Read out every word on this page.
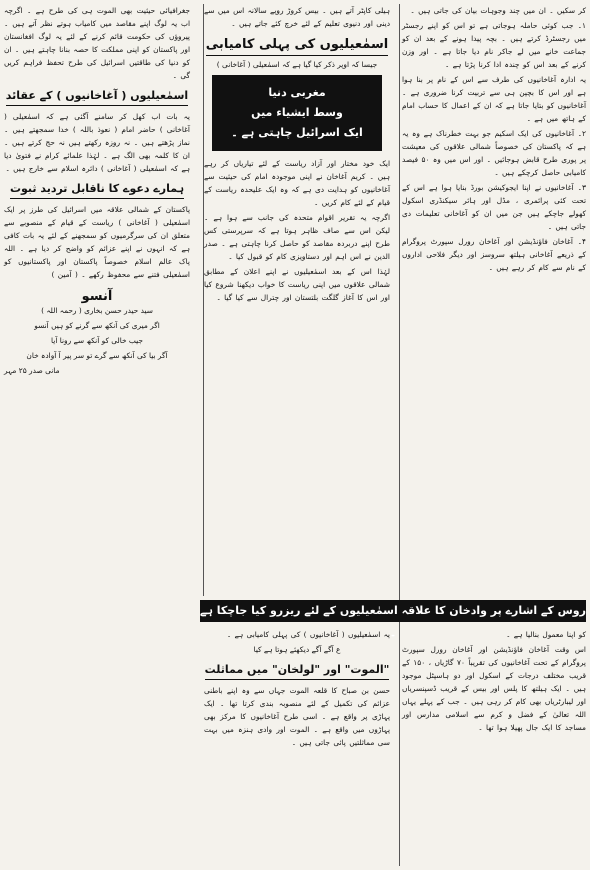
کر سکیں ۔ ان میں چند وجوہات بیان کی جاتی ہیں ۔

۱۔ جب کوئی حاملہ ہوجاتی ہے تو اس کو اپنے رجسٹر میں رجسٹرڈ کرتے ہیں ۔ بچہ پیدا ہونے کے بعد ان کو جماعت خانے میں لے جاکر نام دیا جاتا ہے ۔ اور وزن کرنے کے بعد اس کو چندہ ادا کرنا پڑتا ہے ۔

یہ ادارہ آغاخانیوں کی طرف سے اس کے نام پر بنا ہوا ہے اور اس کا بچپن ہی سے تربیت کرنا ضروری ہے ۔ آغاخانیوں کو بتایا جاتا ہے کہ ان کے اعمال کا حساب امام کے ہاتھ میں ہے ۔

۲۔ آغاخانیوں کی ایک اسکیم جو بہت خطرناک ہے وہ یہ ہے کہ پاکستان کی خصوصاً شمالی علاقوں کی معیشت پر پوری طرح قابض ہوجائیں ۔ اور اس میں وہ ۵۰ فیصد کامیابی حاصل کرچکے ہیں ۔

۳۔ آغاخانیوں نے اپنا ایجوکیشن بورڈ بنایا ہوا ہے اس کے تحت کئی پرائمری ، مڈل اور ہائر سیکنڈری اسکول کھولے جاچکے ہیں جن میں ان کو آغاخانی تعلیمات دی جاتی ہیں ۔

۴۔ آغاخان فاؤنڈیشن اور آغاخان رورل سپورٹ پروگرام کے ذریعے آغاخانی ہیلتھ سروسز اور دیگر فلاحی اداروں کے نام سے کام کر رہے ہیں ۔

ہیلی کاپٹر آتے ہیں ۔ بیس کروڑ روپے سالانہ اس میں سے دینی اور دنیوی تعلیم کے لئے خرچ کئے جاتے ہیں ۔

اسمٰعیلیوں کی پہلی کامیابی

جیسا کہ اوپر ذکر کیا گیا ہے کہ اسمٰعیلی ( آغاخانی )

مغربی دنیا
وسط ایشیاء میں
ایک اسرائیل چاہتی ہے ۔

ایک خود مختار اور آزاد ریاست کے لئے تیاریاں کر رہے ہیں ۔ کریم آغاخان نے اپنی موجودہ امام کی حیثیت سے آغاخانیوں کو ہدایت دی ہے کہ وہ ایک علیحدہ ریاست کے قیام کے لئے کام کریں ۔

اگرچہ یہ تقریر اقوام متحدہ کی جانب سے ہوا ہے ۔ لیکن اس سے صاف ظاہر ہوتا ہے کہ سرپرستی کس طرح اپنے دربردہ مقاصد کو حاصل کرنا چاہتی ہے ۔ صدر الدین نے اس اہم اور دستاویزی کام کو قبول کیا ۔

لہٰذا اس کے بعد اسمٰعیلیوں نے اپنے اعلان کے مطابق شمالی علاقوں میں اپنی ریاست کا خواب دیکھنا شروع کیا اور اس کا آغاز گلگت بلتستان اور چترال سے کیا گیا ۔

جغرافیائی حیثیت بھی الموت ہی کی طرح ہے ۔ اگرچہ اب یہ لوگ اپنے مقاصد میں کامیاب ہوتے نظر آتے ہیں ۔ پیروؤں کی حکومت قائم کرنے کے لئے یہ لوگ افغانستان اور پاکستان کو اپنی مملکت کا حصہ بنانا چاہتے ہیں ۔ ان کو دنیا کی طاقتیں اسرائیل کی طرح تحفظ فراہم کریں گی ۔

اسمٰعیلیوں ( آغاخانیوں ) کے عقائد

یہ بات اب کھل کر سامنے آگئی ہے کہ اسمٰعیلی ( آغاخانی ) حاضر امام ( نعوذ باللہ ) خدا سمجھتے ہیں ۔ نماز پڑھتے ہیں ۔ نہ روزہ رکھتے ہیں نہ حج کرتے ہیں ۔ ان کا کلمہ بھی الگ ہے ۔ لہٰذا علمائے کرام نے فتویٰ دیا ہے کہ اسمٰعیلی ( آغاخانی ) دائرہ اسلام سے خارج ہیں ۔

ہمارے دعوے کا ناقابل تردید ثبوت

پاکستان کے شمالی علاقہ میں اسرائیل کی طرز پر ایک اسمٰعیلی ( آغاخانی ) ریاست کے قیام کے منصوبے سے متعلق ان کی سرگرمیوں کو سمجھنے کے لئے یہ بات کافی ہے کہ انہوں نے اپنے عزائم کو واضح کر دیا ہے ۔ اللہ پاک عالم اسلام خصوصاً پاکستان اور پاکستانیوں کو اسمٰعیلی فتنے سے محفوظ رکھے ۔ ( آمین )

آنسو

سید حیدر حسن بخاری ( رحمہ اللہ )

اگر میری کی آنکھ سے گرنے کو ہیں آنسو

جیب خالی کو آنکھ سے رونا آیا

آگر بیا کی آنکھ سے گرے تو سر پیر آ آوادہ خان

مانی صدر ۲۵ مہر

روس کے اشارے پر وادخان کا علاقہ اسمٰعیلیوں کے لئے ریزرو کیا جاچکا ہے ۔

یہ اسمٰعیلیوں ( آغاخانیوں ) کی پہلی کامیابی ہے ۔

ع آگے آگے دیکھئے ہوتا ہے کیا

"الموت" اور "لولخان" میں مماثلت

حسن بن صباح کا قلعہ الموت جہاں سے وہ اپنے باطنی عزائم کی تکمیل کے لئے منصوبہ بندی کرتا تھا ۔ ایک پہاڑی پر واقع ہے ۔ اسی طرح آغاخانیوں کا مرکز بھی پہاڑوں میں واقع ہے ۔ الموت اور وادی ہنزہ میں بہت سی مماثلتیں پائی جاتی ہیں ۔

کو اپنا معمول بنالیا ہے ۔

اس وقت آغاخان فاؤنڈیشن اور آغاخان رورل سپورٹ پروگرام کے تحت آغاخانیوں کی تقریباً ۷۰ گاڑیاں ، ۱۵۰ کے قریب مختلف درجات کے اسکول اور دو ہاسپٹل موجود ہیں ۔ ایک ہیلتھ کا پلس اور بیس کے قریب ڈسپنسریاں اور لیبارٹریاں بھی کام کر رہی ہیں ۔ جب کے پہلے یہاں اللہ تعالیٰ کے فضل و کرم سے اسلامی مدارس اور مساجد کا ایک جال پھیلا ہوا تھا ۔
